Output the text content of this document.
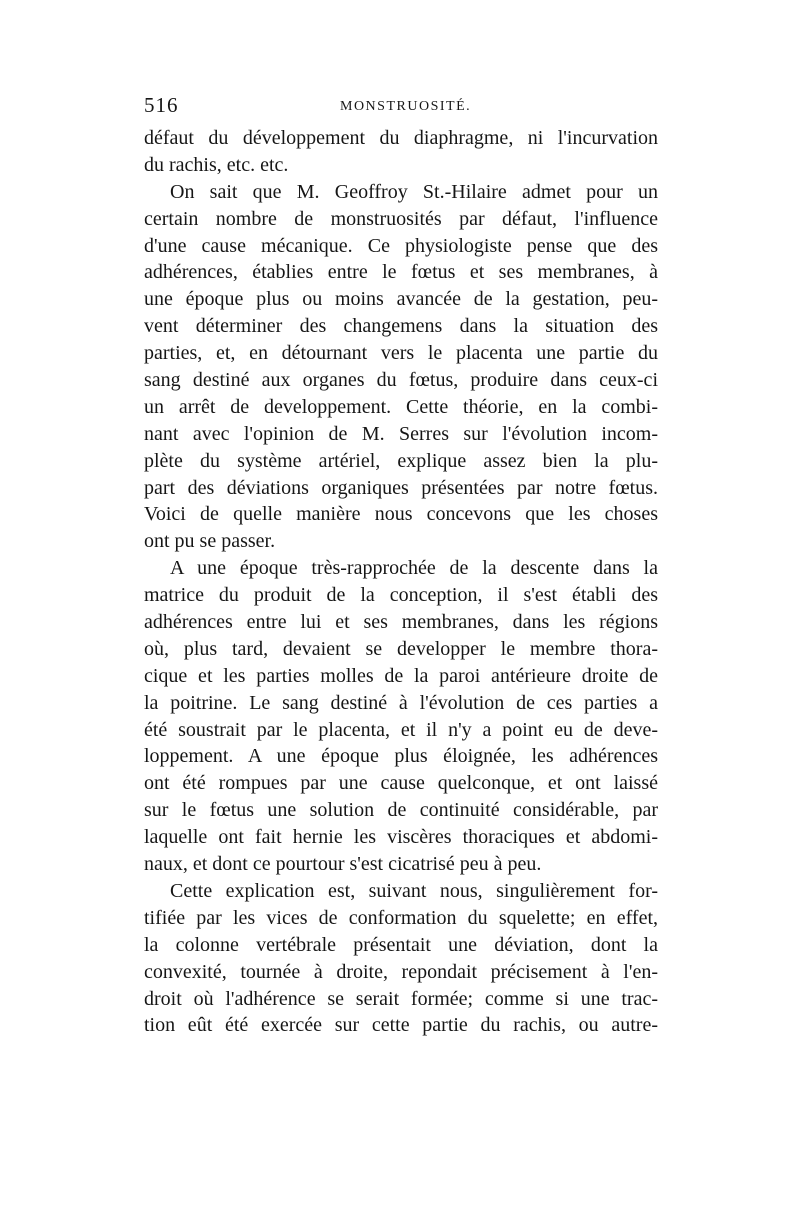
516	MONSTRUOSITÉ.
défaut du développement du diaphragme, ni l'incurvation
du rachis, etc. etc.
On sait que M. Geoffroy St.-Hilaire admet pour un
certain nombre de monstruosités par défaut, l'influence
d'une cause mécanique. Ce physiologiste pense que des
adhérences, établies entre le fœtus et ses membranes, à
une époque plus ou moins avancée de la gestation, peu-
vent déterminer des changemens dans la situation des
parties, et, en détournant vers le placenta une partie du
sang destiné aux organes du fœtus, produire dans ceux-ci
un arrêt de developpement. Cette théorie, en la combi-
nant avec l'opinion de M. Serres sur l'évolution incom-
plète du système artériel, explique assez bien la plu-
part des déviations organiques présentées par notre fœtus.
Voici de quelle manière nous concevons que les choses
ont pu se passer.
A une époque très-rapprochée de la descente dans la
matrice du produit de la conception, il s'est établi des
adhérences entre lui et ses membranes, dans les régions
où, plus tard, devaient se developper le membre thora-
cique et les parties molles de la paroi antérieure droite de
la poitrine. Le sang destiné à l'évolution de ces parties a
été soustrait par le placenta, et il n'y a point eu de deve-
loppement. A une époque plus éloignée, les adhérences
ont été rompues par une cause quelconque, et ont laissé
sur le fœtus une solution de continuité considérable, par
laquelle ont fait hernie les viscères thoraciques et abdomi-
naux, et dont ce pourtour s'est cicatrisé peu à peu.
Cette explication est, suivant nous, singulièrement for-
tifiée par les vices de conformation du squelette; en effet,
la colonne vertébrale présentait une déviation, dont la
convexité, tournée à droite, repondait précisement à l'en-
droit où l'adhérence se serait formée; comme si une trac-
tion eût été exercée sur cette partie du rachis, ou autre-
